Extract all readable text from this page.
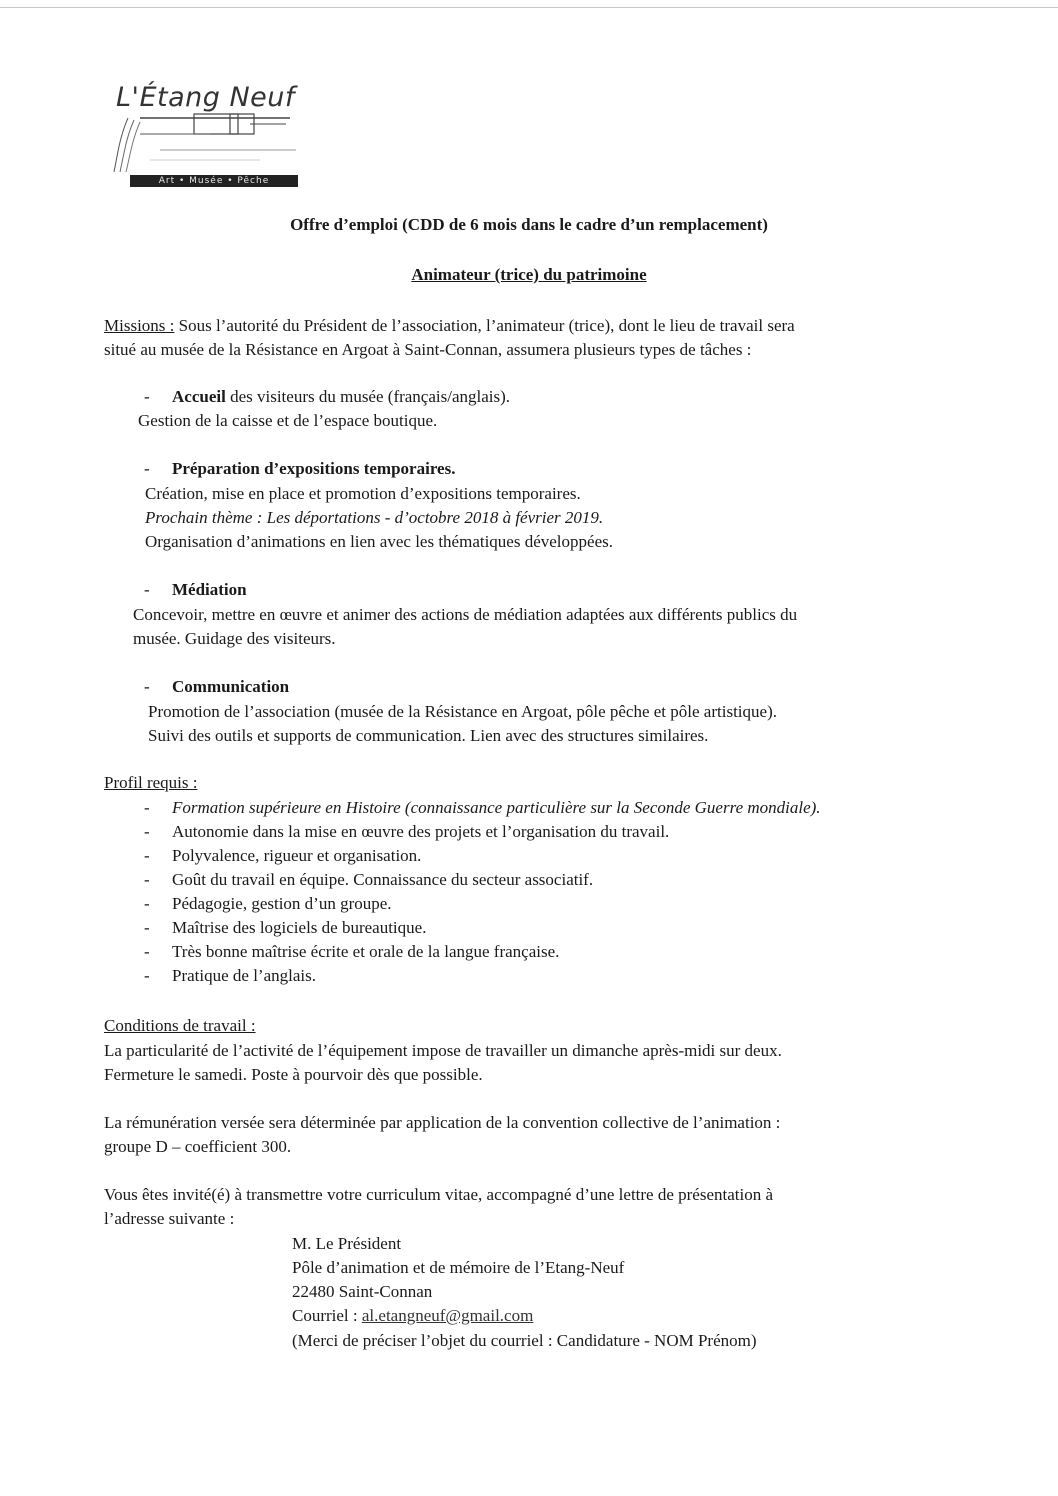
L'Étang Neuf
Art • Musée • Pêche
Offre d’emploi (CDD de 6 mois dans le cadre d’un remplacement)
Animateur (trice) du patrimoine
Missions : Sous l’autorité du Président de l’association, l’animateur (trice), dont le lieu de travail sera
situé au musée de la Résistance en Argoat à Saint-Connan, assumera plusieurs types de tâches :
- Accueil des visiteurs du musée (français/anglais).
Gestion de la caisse et de l’espace boutique.
- Préparation d’expositions temporaires.
Création, mise en place et promotion d’expositions temporaires.
Prochain thème : Les déportations - d’octobre 2018 à février 2019.
Organisation d’animations en lien avec les thématiques développées.
- Médiation
Concevoir, mettre en œuvre et animer des actions de médiation adaptées aux différents publics du
musée. Guidage des visiteurs.
- Communication
Promotion de l’association (musée de la Résistance en Argoat, pôle pêche et pôle artistique).
Suivi des outils et supports de communication. Lien avec des structures similaires.
Profil requis :
- Formation supérieure en Histoire (connaissance particulière sur la Seconde Guerre mondiale).
- Autonomie dans la mise en œuvre des projets et l’organisation du travail.
- Polyvalence, rigueur et organisation.
- Goût du travail en équipe. Connaissance du secteur associatif.
- Pédagogie, gestion d’un groupe.
- Maîtrise des logiciels de bureautique.
- Très bonne maîtrise écrite et orale de la langue française.
- Pratique de l’anglais.
Conditions de travail :
La particularité de l’activité de l’équipement impose de travailler un dimanche après-midi sur deux.
Fermeture le samedi. Poste à pourvoir dès que possible.
La rémunération versée sera déterminée par application de la convention collective de l’animation :
groupe D – coefficient 300.
Vous êtes invité(é) à transmettre votre curriculum vitae, accompagné d’une lettre de présentation à
l’adresse suivante :
M. Le Président
Pôle d’animation et de mémoire de l’Etang-Neuf
22480 Saint-Connan
Courriel : al.etangneuf@gmail.com
(Merci de préciser l’objet du courriel : Candidature - NOM Prénom)
